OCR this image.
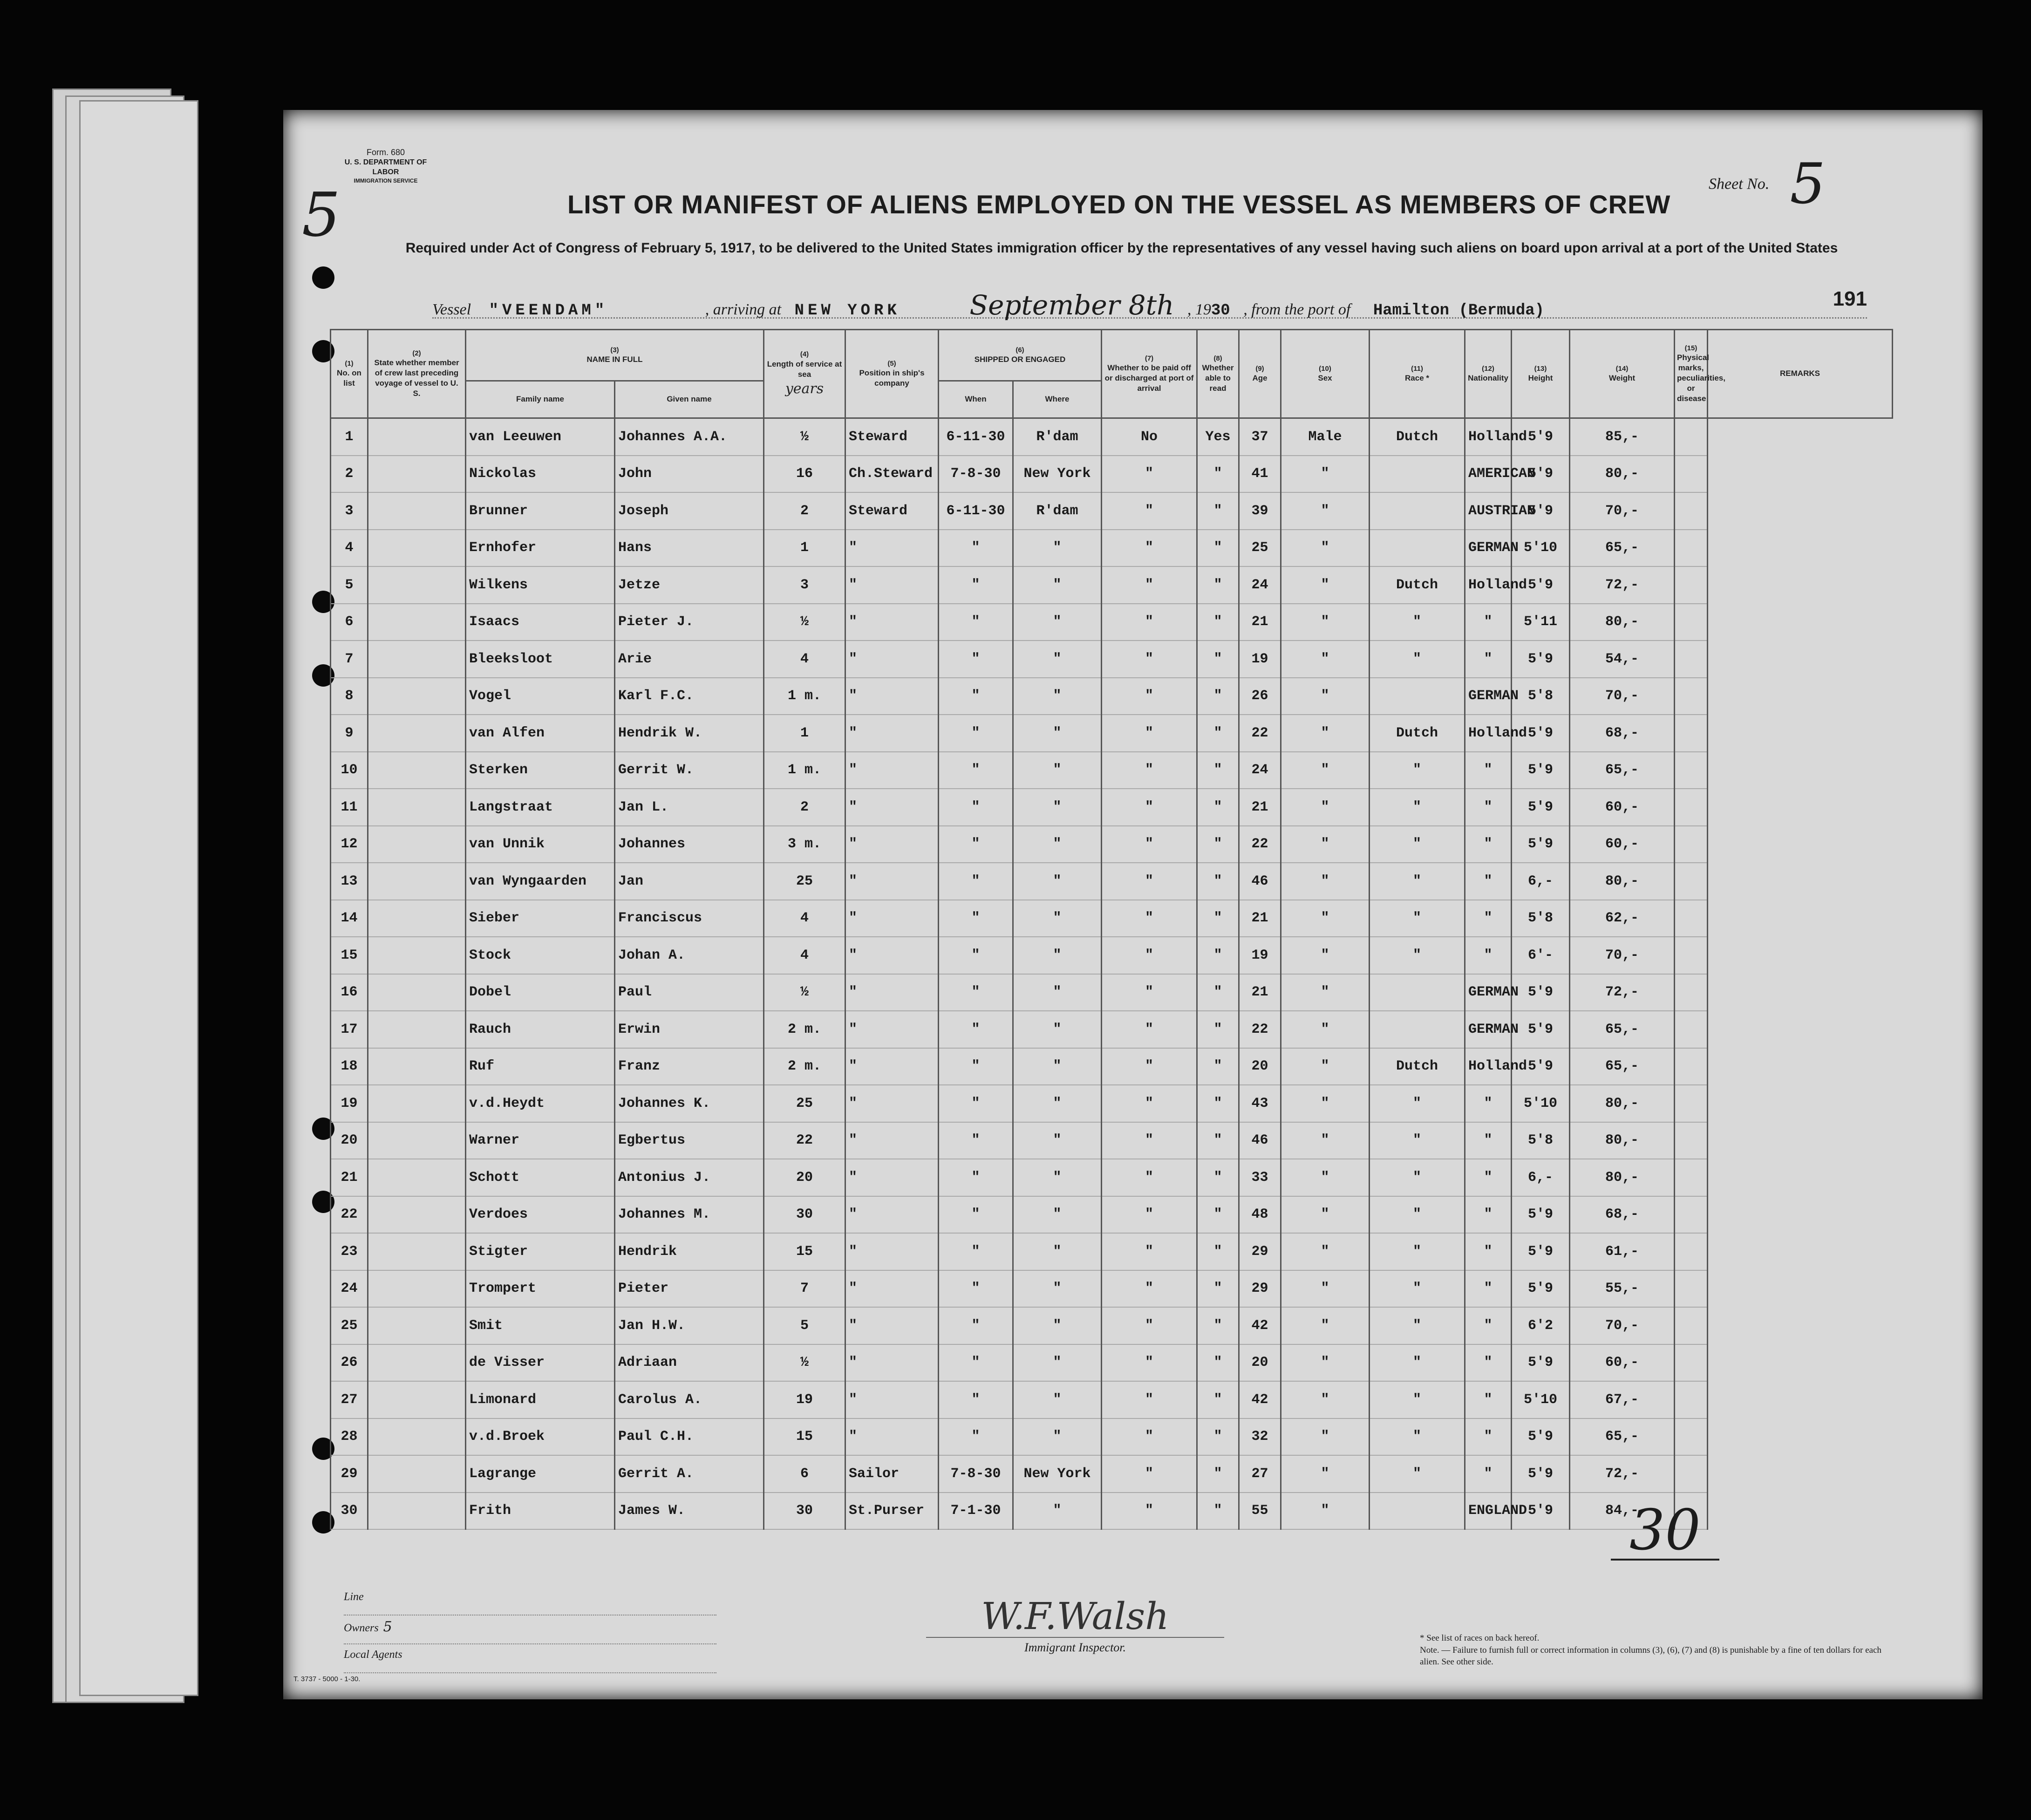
Form. 680
U. S. DEPARTMENT OF LABOR
IMMIGRATION SERVICE
5	LIST OR MANIFEST OF ALIENS EMPLOYED ON THE VESSEL AS MEMBERS OF CREW
Sheet No. 5
Required under Act of Congress of February 5, 1917, to be delivered to the United States immigration officer by the representatives of any vessel having such aliens on board upon arrival at a port of the United States
Vessel "VEENDAM"	, arriving at NEW YORK	September 8th , 1930 , from the port of Hamilton (Bermuda)
191
(1)
No. on list	(2)
State whether member of crew last preceding voyage of vessel to U. S.	(3)
NAME IN FULL		(4)
Length of service at sea
years	(5)
Position in ship's company	(6)
SHIPPED OR ENGAGED		(7)
Whether to be paid off or discharged at port of arrival	(8)
Whether able to read	(9)
Age	(10)
Sex	(11)
Race *	(12)
Nationality	(13)
Height	(14)
Weight	(15)
Physical marks, peculiarities, or disease	REMARKS
		Family name	Given name			When	Where										
1		van Leeuwen	Johannes A.A.	½	Steward	6-11-30	R'dam	No	Yes	37	Male	Dutch	Holland	5'9	85,-		
2		Nickolas	John	16	Ch.Steward	7-8-30	New York	"	"	41	"		AMERICAN	5'9	80,-		
3		Brunner	Joseph	2	Steward	6-11-30	R'dam	"	"	39	"		AUSTRIAN	5'9	70,-		
4		Ernhofer	Hans	1	"	"	"	"	"	25	"		GERMAN	5'10	65,-		
5		Wilkens	Jetze	3	"	"	"	"	"	24	"	Dutch	Holland	5'9	72,-		
6		Isaacs	Pieter J.	½	"	"	"	"	"	21	"	"	"	5'11	80,-		
7		Bleeksloot	Arie	4	"	"	"	"	"	19	"	"	"	5'9	54,-		
8		Vogel	Karl F.C.	1 m.	"	"	"	"	"	26	"		GERMAN	5'8	70,-		
9		van Alfen	Hendrik W.	1	"	"	"	"	"	22	"	Dutch	Holland	5'9	68,-		
10		Sterken	Gerrit W.	1 m.	"	"	"	"	"	24	"	"	"	5'9	65,-		
11		Langstraat	Jan L.	2	"	"	"	"	"	21	"	"	"	5'9	60,-		
12		van Unnik	Johannes	3 m.	"	"	"	"	"	22	"	"	"	5'9	60,-		
13		van Wyngaarden	Jan	25	"	"	"	"	"	46	"	"	"	6,-	80,-		
14		Sieber	Franciscus	4	"	"	"	"	"	21	"	"	"	5'8	62,-		
15		Stock	Johan A.	4	"	"	"	"	"	19	"	"	"	6'-	70,-		
16		Dobel	Paul	½	"	"	"	"	"	21	"		GERMAN	5'9	72,-		
17		Rauch	Erwin	2 m.	"	"	"	"	"	22	"		GERMAN	5'9	65,-		
18		Ruf	Franz	2 m.	"	"	"	"	"	20	"	Dutch	Holland	5'9	65,-		
19		v.d.Heydt	Johannes K.	25	"	"	"	"	"	43	"	"	"	5'10	80,-		
20		Warner	Egbertus	22	"	"	"	"	"	46	"	"	"	5'8	80,-		
21		Schott	Antonius J.	20	"	"	"	"	"	33	"	"	"	6,-	80,-		
22		Verdoes	Johannes M.	30	"	"	"	"	"	48	"	"	"	5'9	68,-		
23		Stigter	Hendrik	15	"	"	"	"	"	29	"	"	"	5'9	61,-		
24		Trompert	Pieter	7	"	"	"	"	"	29	"	"	"	5'9	55,-		
25		Smit	Jan H.W.	5	"	"	"	"	"	42	"	"	"	6'2	70,-		
26		de Visser	Adriaan	½	"	"	"	"	"	20	"	"	"	5'9	60,-		
27		Limonard	Carolus A.	19	"	"	"	"	"	42	"	"	"	5'10	67,-		
28		v.d.Broek	Paul C.H.	15	"	"	"	"	"	32	"	"	"	5'9	65,-		
29		Lagrange	Gerrit A.	6	Sailor	7-8-30	New York	"	"	27	"	"	"	5'9	72,-		
30		Frith	James W.	30	St.Purser	7-1-30	"	"	"	55	"		ENGLAND	5'9	84,-		
30
Line
Owners 5
Local Agents
W.F.Walsh
Immigrant Inspector.
* See list of races on back hereof.
Note. — Failure to furnish full or correct information in columns (3), (6), (7) and (8) is punishable by a fine of ten dollars for each alien. See other side.
T. 3737 - 5000 - 1-30.
